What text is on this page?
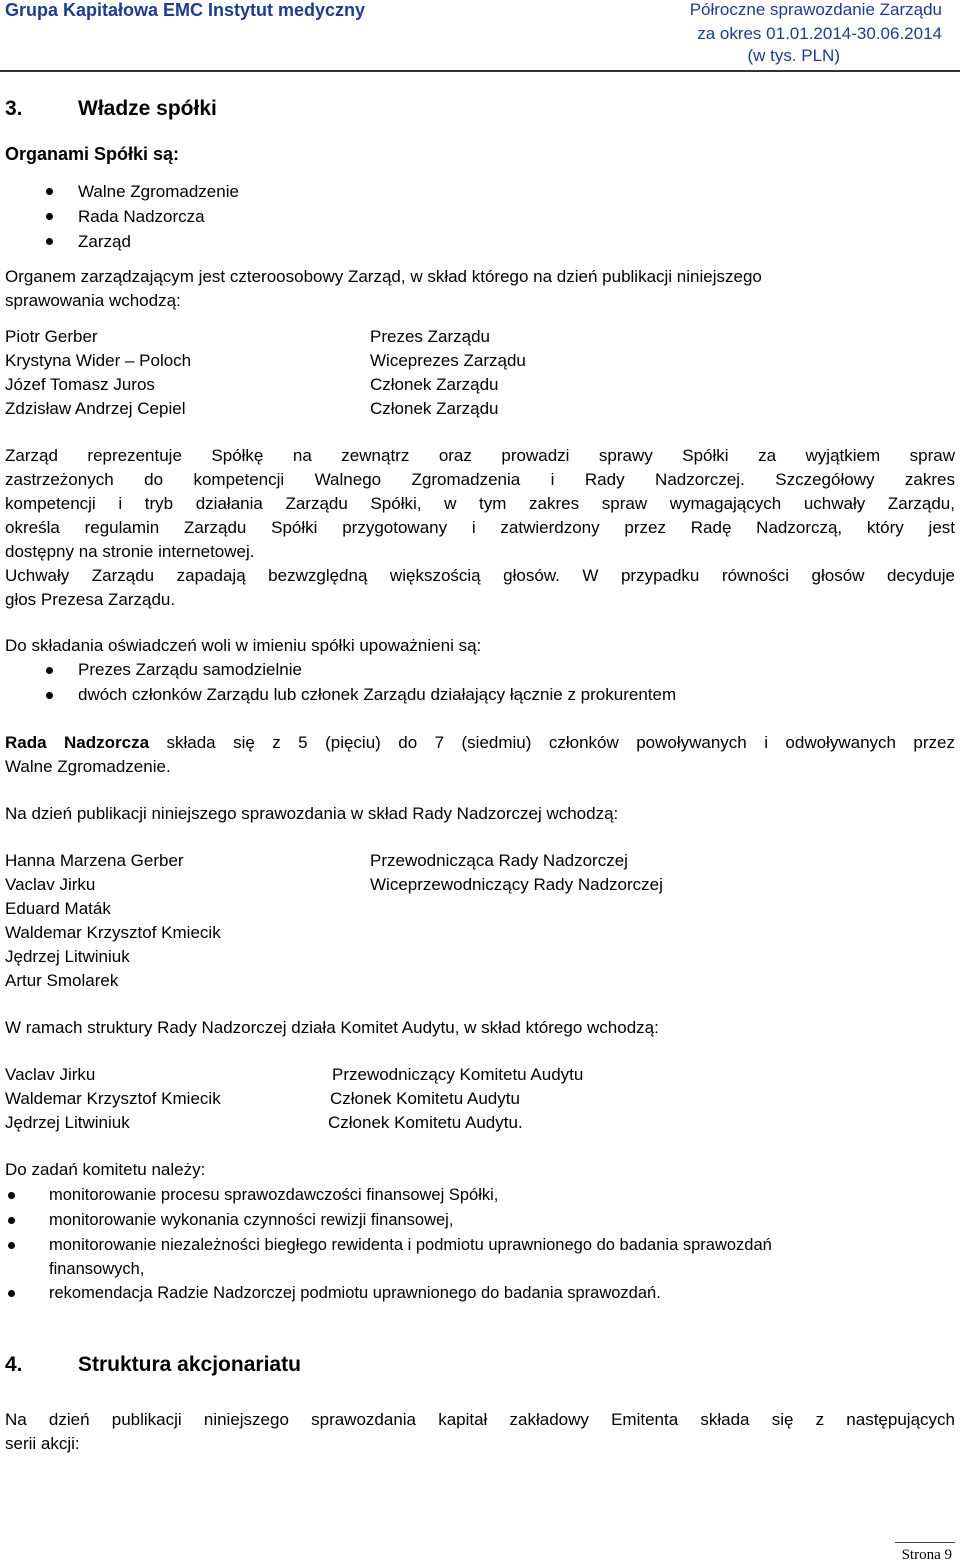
Grupa Kapitałowa EMC Instytut medyczny	Półroczne sprawozdanie Zarządu
za okres 01.01.2014-30.06.2014
(w tys. PLN)
3.	Władze spółki
Organami Spółki są:
Walne Zgromadzenie
Rada Nadzorcza
Zarząd
Organem zarządzającym jest czteroosobowy Zarząd, w skład którego na dzień publikacji niniejszego
sprawowania wchodzą:
Piotr Gerber	Prezes Zarządu
Krystyna Wider – Poloch	Wiceprezes Zarządu
Józef Tomasz Juros	Członek Zarządu
Zdzisław Andrzej Cepiel	Członek Zarządu
Zarząd reprezentuje Spółkę na zewnątrz oraz prowadzi sprawy Spółki za wyjątkiem spraw
zastrzeżonych do kompetencji Walnego Zgromadzenia i Rady Nadzorczej. Szczegółowy zakres
kompetencji i tryb działania Zarządu Spółki, w tym zakres spraw wymagających uchwały Zarządu,
określa regulamin Zarządu Spółki przygotowany i zatwierdzony przez Radę Nadzorczą, który jest
dostępny na stronie internetowej.
Uchwały Zarządu zapadają bezwzględną większością głosów. W przypadku równości głosów decyduje
głos Prezesa Zarządu.
Do składania oświadczeń woli w imieniu spółki upoważnieni są:
Prezes Zarządu samodzielnie
dwóch członków Zarządu lub członek Zarządu działający łącznie z prokurentem
Rada Nadzorcza składa się z 5 (pięciu) do 7 (siedmiu) członków powoływanych i odwoływanych przez
Walne Zgromadzenie.
Na dzień publikacji niniejszego sprawozdania w skład Rady Nadzorczej wchodzą:
Hanna Marzena Gerber	Przewodnicząca Rady Nadzorczej
Vaclav Jirku	Wiceprzewodniczący Rady Nadzorczej
Eduard Maták
Waldemar Krzysztof Kmiecik
Jędrzej Litwiniuk
Artur Smolarek
W ramach struktury Rady Nadzorczej działa Komitet Audytu, w skład którego wchodzą:
Vaclav Jirku	Przewodniczący Komitetu Audytu
Waldemar Krzysztof Kmiecik	Członek Komitetu Audytu
Jędrzej Litwiniuk	Członek Komitetu Audytu.
Do zadań komitetu należy:
monitorowanie procesu sprawozdawczości finansowej Spółki,
monitorowanie wykonania czynności rewizji finansowej,
monitorowanie niezależności biegłego rewidenta i podmiotu uprawnionego do badania sprawozdań
finansowych,
rekomendacja Radzie Nadzorczej podmiotu uprawnionego do badania sprawozdań.
4.	Struktura akcjonariatu
Na dzień publikacji niniejszego sprawozdania kapitał zakładowy Emitenta składa się z następujących
serii akcji:
Strona 9
